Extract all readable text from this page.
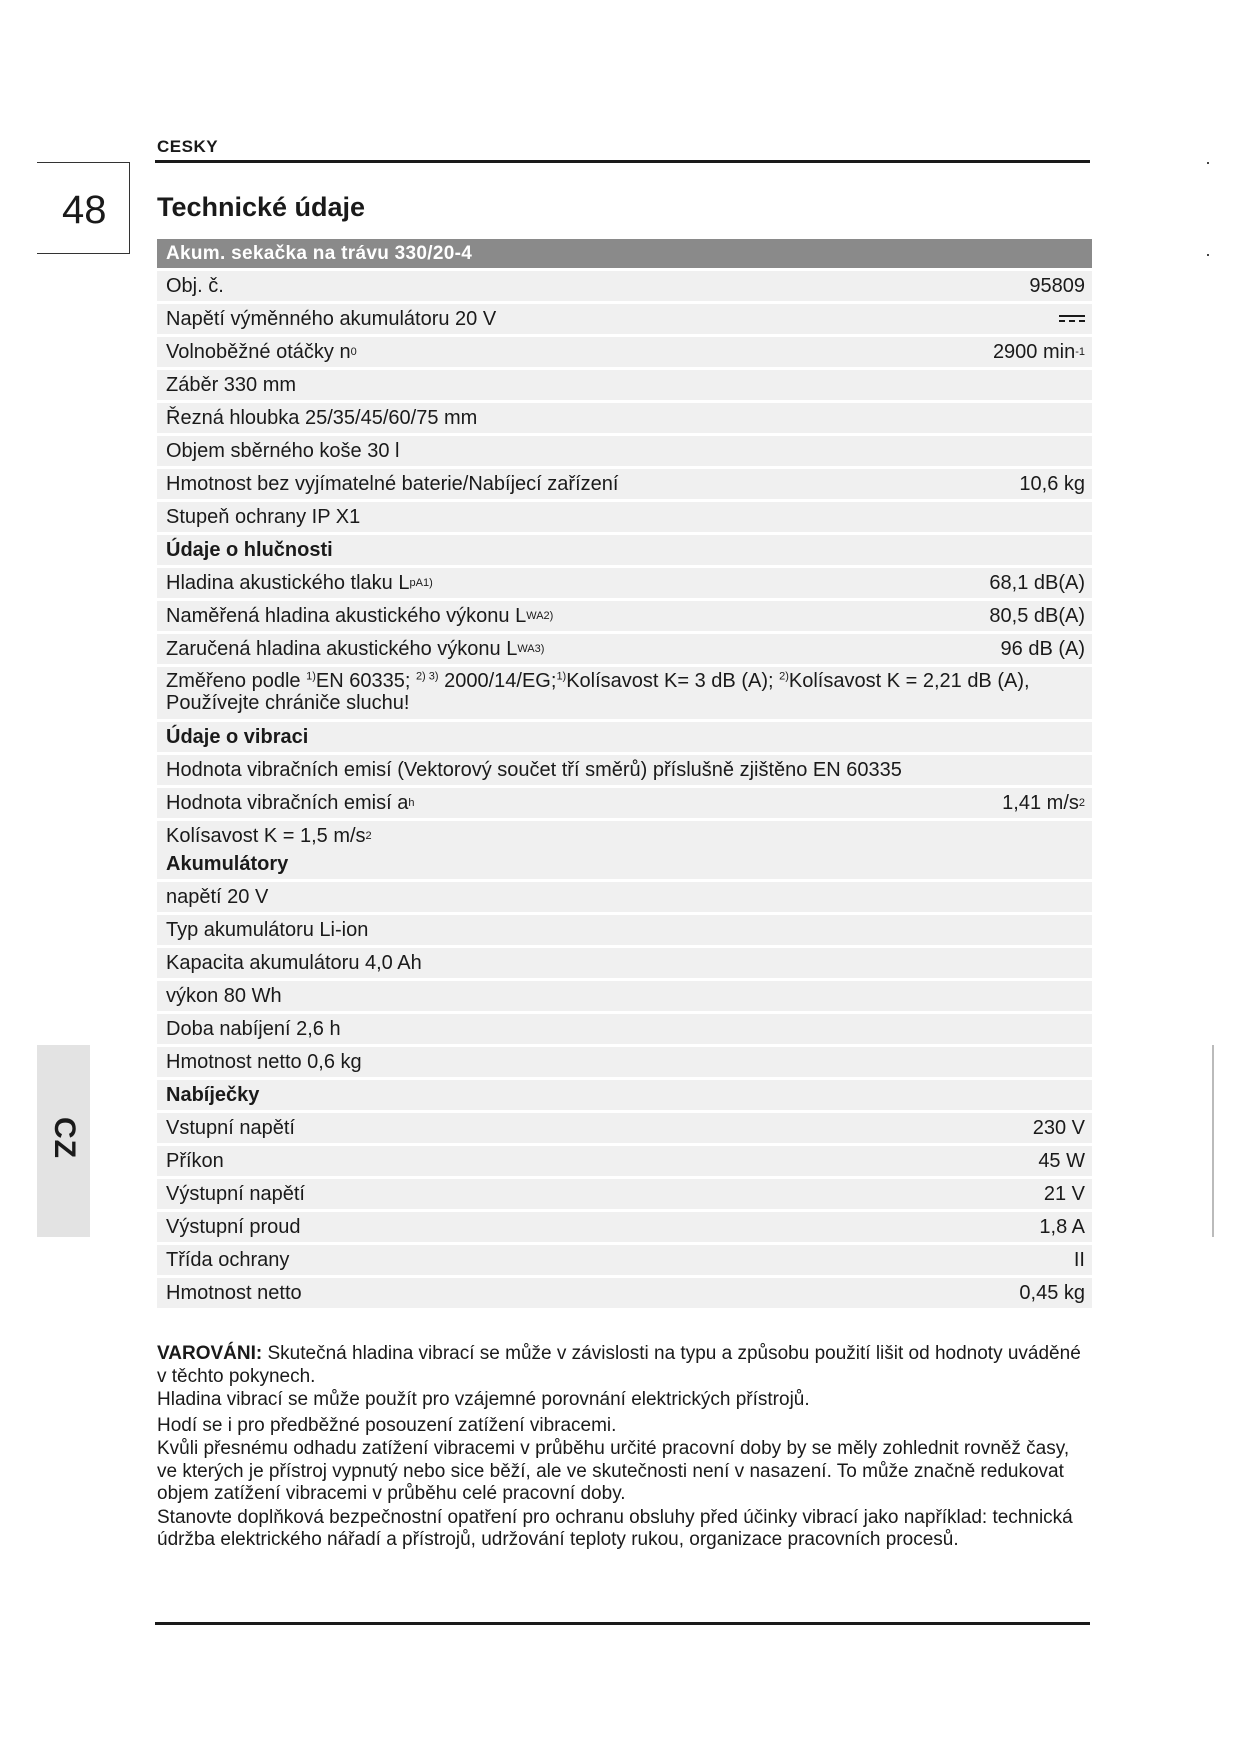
CESKY
48
CZ
Technické údaje
Akum. sekačka na trávu 330/20-4
Obj. č.	95809
Napětí výměnného akumulátoru 20 V
Volnoběžné otáčky n 0	2900 min -1
Záběr 330 mm
Řezná hloubka 25/35/45/60/75 mm
Objem sběrného koše 30 l
Hmotnost bez vyjímatelné baterie/Nabíjecí zařízení	10,6 kg
Stupeň ochrany IP X1
Údaje o hlučnosti
Hladina akustického tlaku L pA 1)	68,1 dB(A)
Naměřená hladina akustického výkonu L WA 2)	80,5 dB(A)
Zaručená hladina akustického výkonu L WA 3)	96 dB (A)
Změřeno podle $^{1)}$EN 60335; $^{2) 3)}$ 2000/14/EG;$^{1)}$Kolísavost K= 3 dB (A); $^{2)}$Kolísavost K = 2,21 dB (A), Používejte chrániče sluchu!
Údaje o vibraci
Hodnota vibračních emisí (Vektorový součet tří směrů) příslušně zjištěno EN 60335
Hodnota vibračních emisí a h	1,41 m/s 2
Kolísavost K = 1,5 m/s 2
Akumulátory
napětí 20 V
Typ akumulátoru Li-ion
Kapacita akumulátoru 4,0 Ah
výkon 80 Wh
Doba nabíjení 2,6 h
Hmotnost netto 0,6 kg
Nabíječky
Vstupní napětí	230 V
Příkon	45 W
Výstupní napětí	21 V
Výstupní proud	1,8 A
Třída ochrany	II
Hmotnost netto	0,45 kg

VAROVÁNI: Skutečná hladina vibrací se může v závislosti na typu a způsobu použití lišit od hodnoty uváděné v těchto pokynech.

Hladina vibrací se může použít pro vzájemné porovnání elektrických přístrojů.

Hodí se i pro předběžné posouzení zatížení vibracemi.

Kvůli přesnému odhadu zatížení vibracemi v průběhu určité pracovní doby by se měly zohlednit rovněž časy, ve kterých je přístroj vypnutý nebo sice běží, ale ve skutečnosti není v nasazení. To může značně redukovat objem zatížení vibracemi v průběhu celé pracovní doby.

Stanovte doplňková bezpečnostní opatření pro ochranu obsluhy před účinky vibrací jako například: technická údržba elektrického nářadí a přístrojů, udržování teploty rukou, organizace pracovních procesů.
